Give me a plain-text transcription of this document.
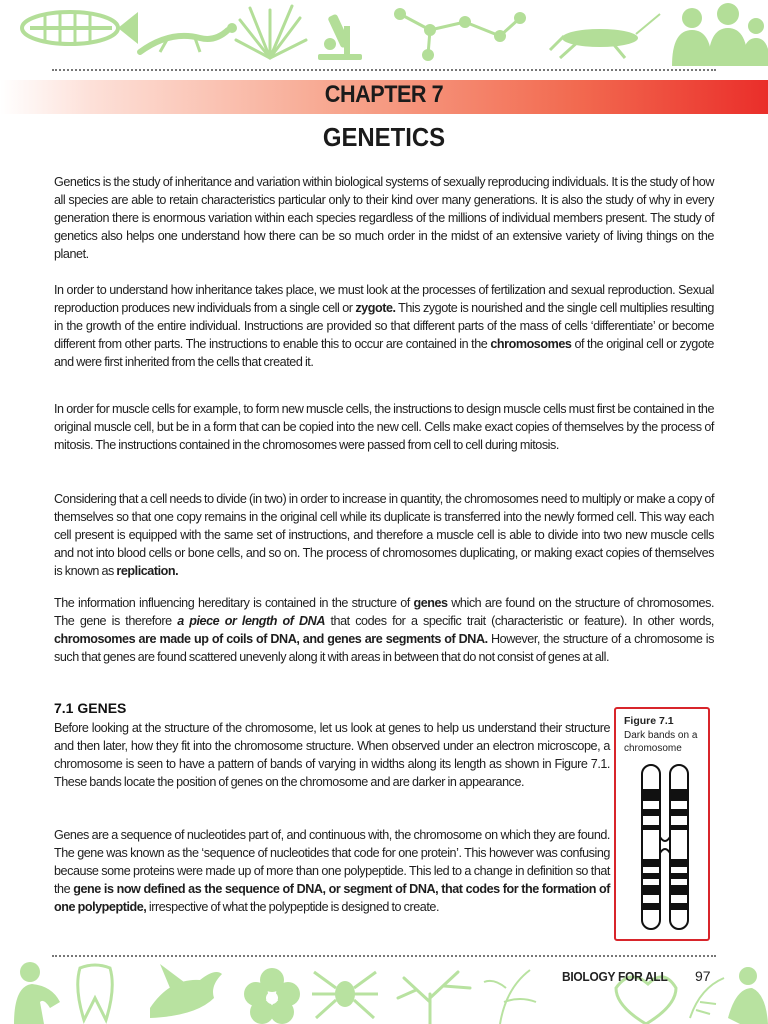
CHAPTER 7
GENETICS

Genetics is the study of inheritance and variation within biological systems of sexually reproducing individuals. It is the study of how all species are able to retain characteristics particular only to their kind over many generations. It is also the study of why in every generation there is enormous variation within each species regardless of the millions of individual members present. The study of genetics also helps one understand how there can be so much order in the midst of an extensive variety of living things on the planet.

In order to understand how inheritance takes place, we must look at the processes of fertilization and sexual reproduction. Sexual reproduction produces new individuals from a single cell or zygote. This zygote is nourished and the single cell multiplies resulting in the growth of the entire individual. Instructions are provided so that different parts of the mass of cells ‘differentiate’ or become different from other parts. The instructions to enable this to occur are contained in the chromosomes of the original cell or zygote and were first inherited from the cells that created it.

In order for muscle cells for example, to form new muscle cells, the instructions to design muscle cells must first be contained in the original muscle cell, but be in a form that can be copied into the new cell. Cells make exact copies of themselves by the process of mitosis. The instructions contained in the chromosomes were passed from cell to cell during mitosis.

Considering that a cell needs to divide (in two) in order to increase in quantity, the chromosomes need to multiply or make a copy of themselves so that one copy remains in the original cell while its duplicate is transferred into the newly formed cell. This way each cell present is equipped with the same set of instructions, and therefore a muscle cell is able to divide into two new muscle cells and not into blood cells or bone cells, and so on. The process of chromosomes duplicating, or making exact copies of themselves is known as replication.

The information influencing hereditary is contained in the structure of genes which are found on the structure of chromosomes. The gene is therefore a piece or length of DNA that codes for a specific trait (characteristic or feature). In other words, chromosomes are made up of coils of DNA, and genes are segments of DNA. However, the structure of a chromosome is such that genes are found scattered unevenly along it with areas in between that do not consist of genes at all.

7.1 GENES

Before looking at the structure of the chromosome, let us look at genes to help us understand their structure and then later, how they fit into the chromosome structure. When observed under an electron microscope, a chromosome is seen to have a pattern of bands of varying in widths along its length as shown in Figure 7.1. These bands locate the position of genes on the chromosome and are darker in appearance.

Genes are a sequence of nucleotides part of, and continuous with, the chromosome on which they are found. The gene was known as the ‘sequence of nucleotides that code for one protein’. This however was confusing because some proteins were made up of more than one polypeptide. This led to a change in definition so that the gene is now defined as the sequence of DNA, or segment of DNA, that codes for the formation of one polypeptide, irrespective of what the polypeptide is designed to create.

Figure 7.1
Dark bands on a chromosome
BIOLOGY FOR ALL 97
